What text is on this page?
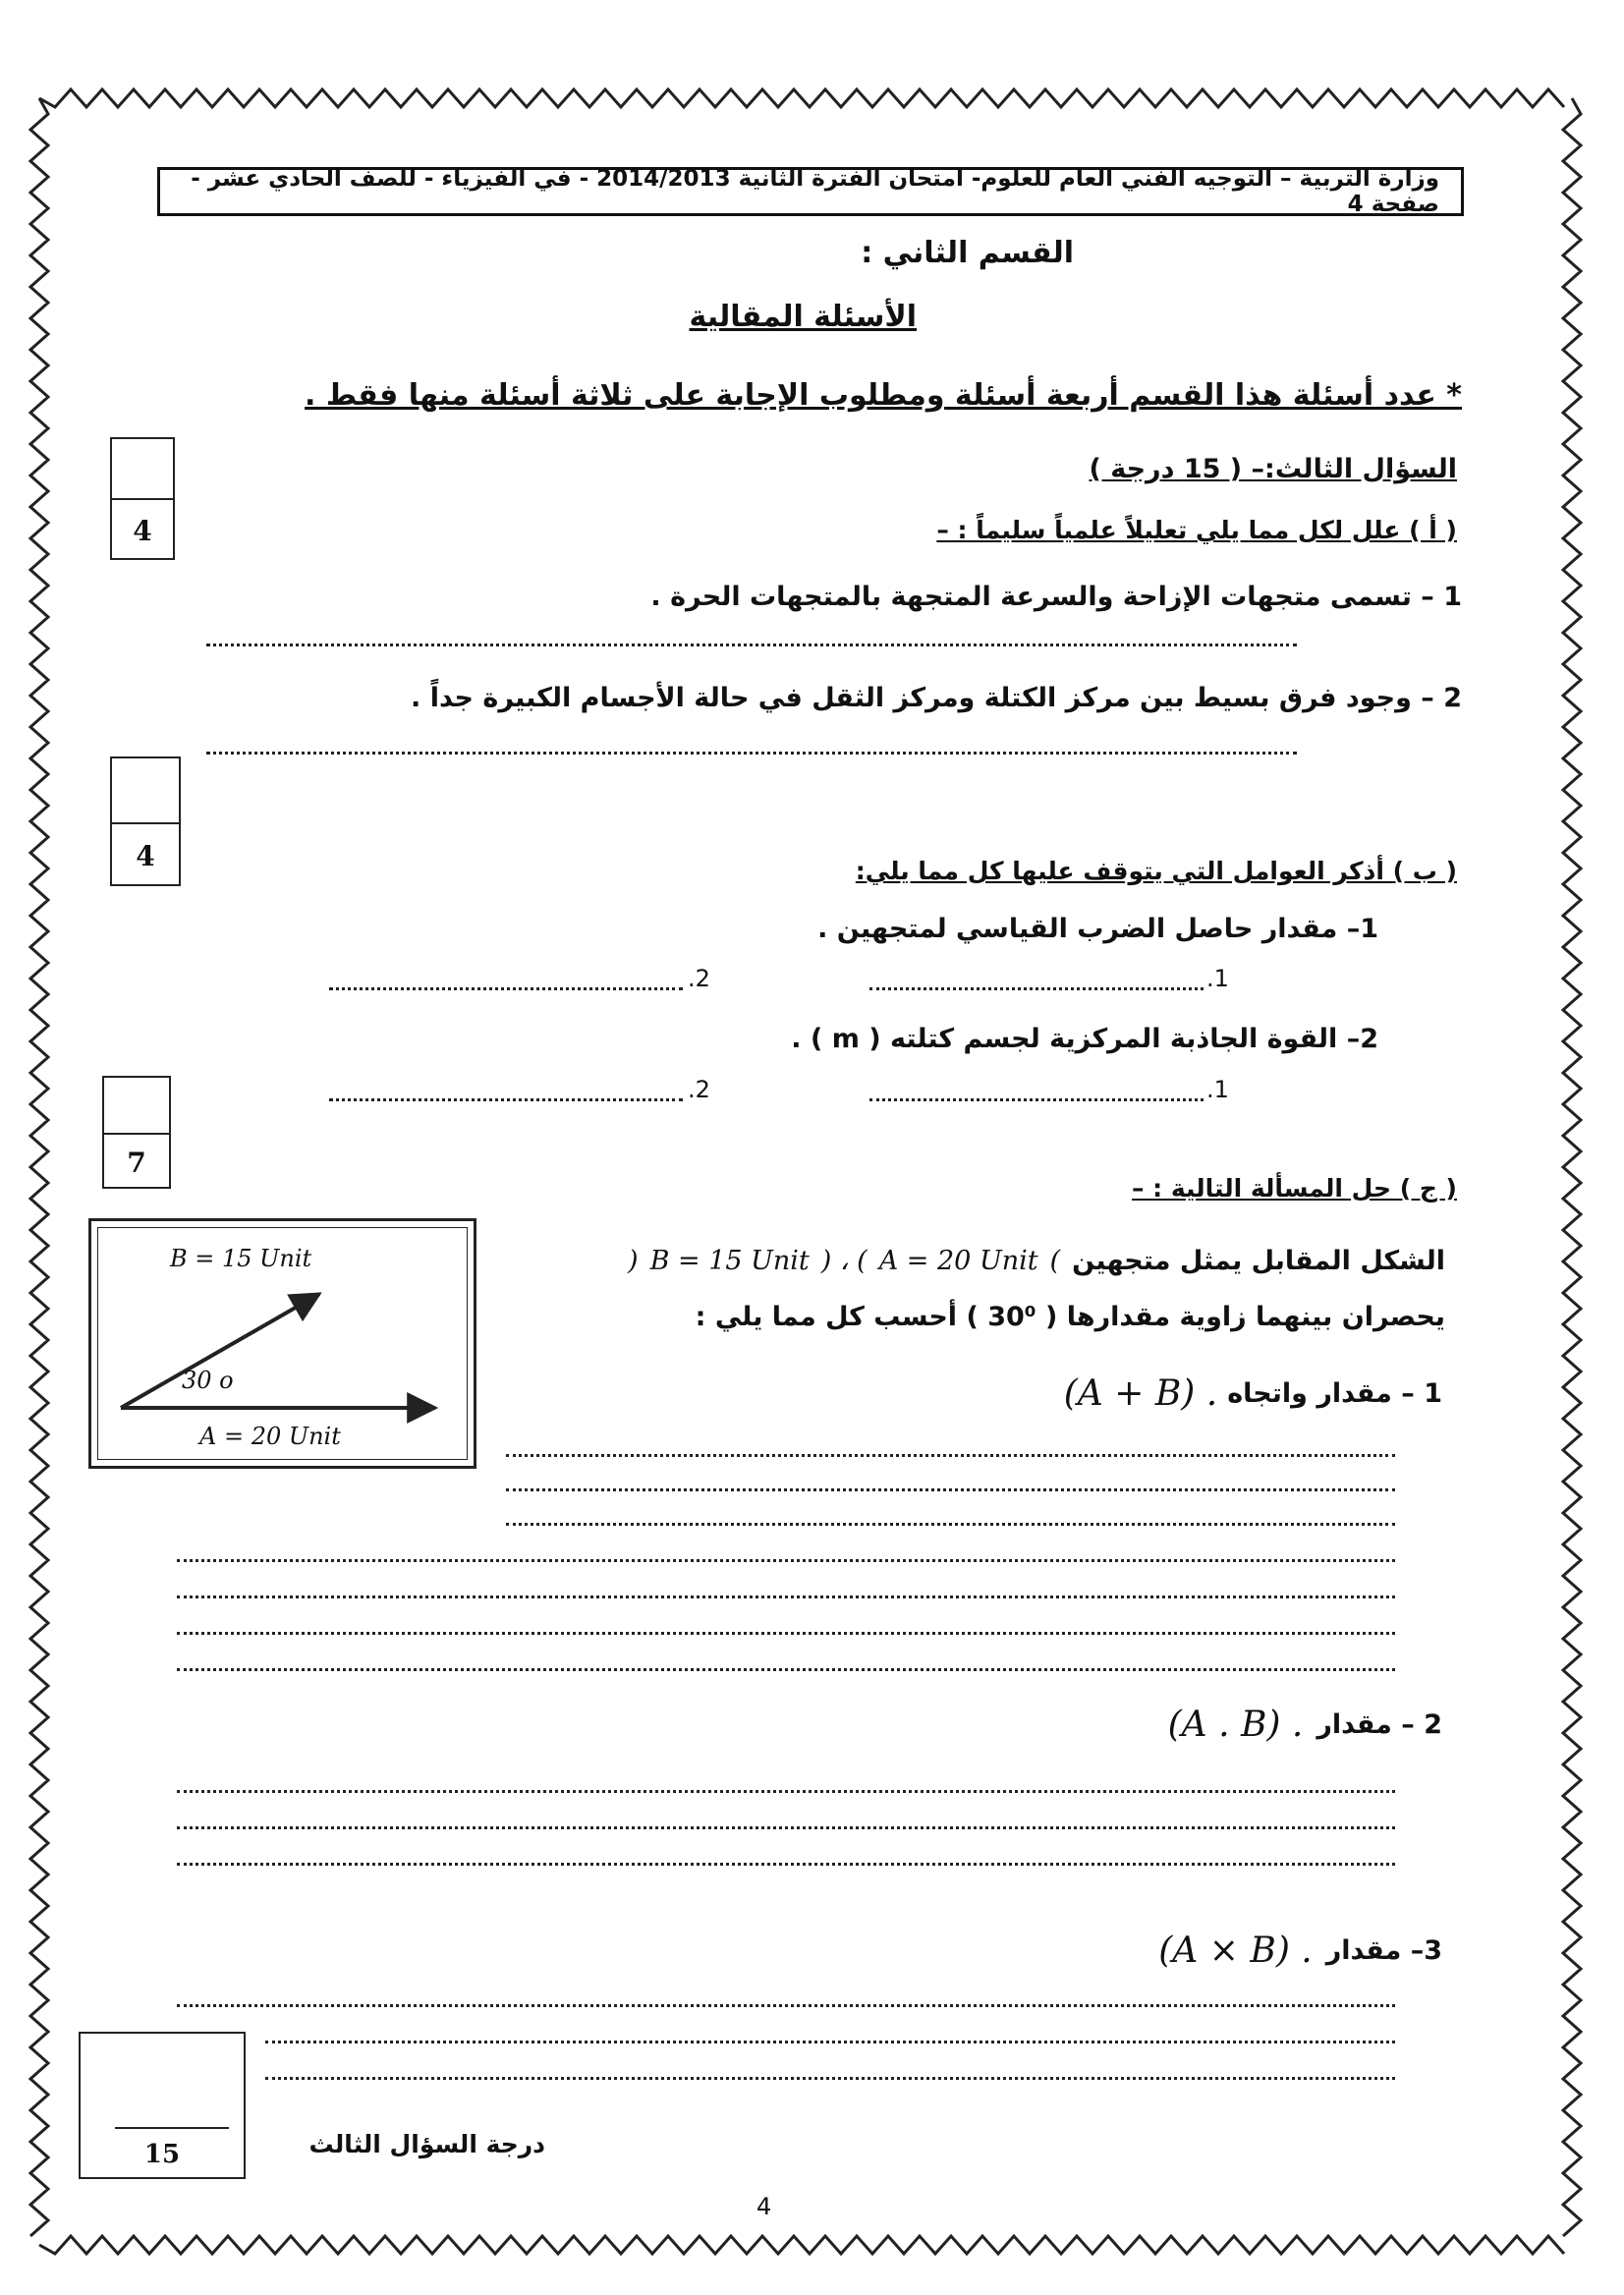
وزارة التربية – التوجيه الفني العام للعلوم- امتحان الفترة الثانية 2014/2013 - في الفيزياء - للصف الحادي عشر - صفحة 4
القسم الثاني :
الأسئلة المقالية
* عدد أسئلة هذا القسم أربعة أسئلة ومطلوب الإجابة على ثلاثة أسئلة منها فقط .
السؤال الثالث:– ( 15 درجة )
4
4
7
( أ ) علل لكل مما يلي تعليلاً علمياً سليماً : –
1 – تسمى متجهات الإزاحة والسرعة المتجهة بالمتجهات الحرة .
2 – وجود فرق بسيط بين مركز الكتلة ومركز الثقل في حالة الأجسام الكبيرة جداً .
( ب ) أذكر العوامل التي يتوقف عليها كل مما يلي:
1– مقدار حاصل الضرب القياسي لمتجهين .
.2	.1
2– القوة الجاذبة المركزية لجسم كتلته ( m ) .
.2	.1
( ج ) حل المسألة التالية : –
B = 15 Unit
30 o
A = 20 Unit
الشكل المقابل يمثل متجهين
(
A = 20 Unit
) ، (
B = 15 Unit
)
يحصران بينهما زاوية مقدارها ( 30⁰ ) أحسب كل مما يلي :
1 – مقدار واتجاه
(A + B) .
2 – مقدار
(A . B) .
3– مقدار
(A × B) .
15	درجة السؤال الثالث
4
